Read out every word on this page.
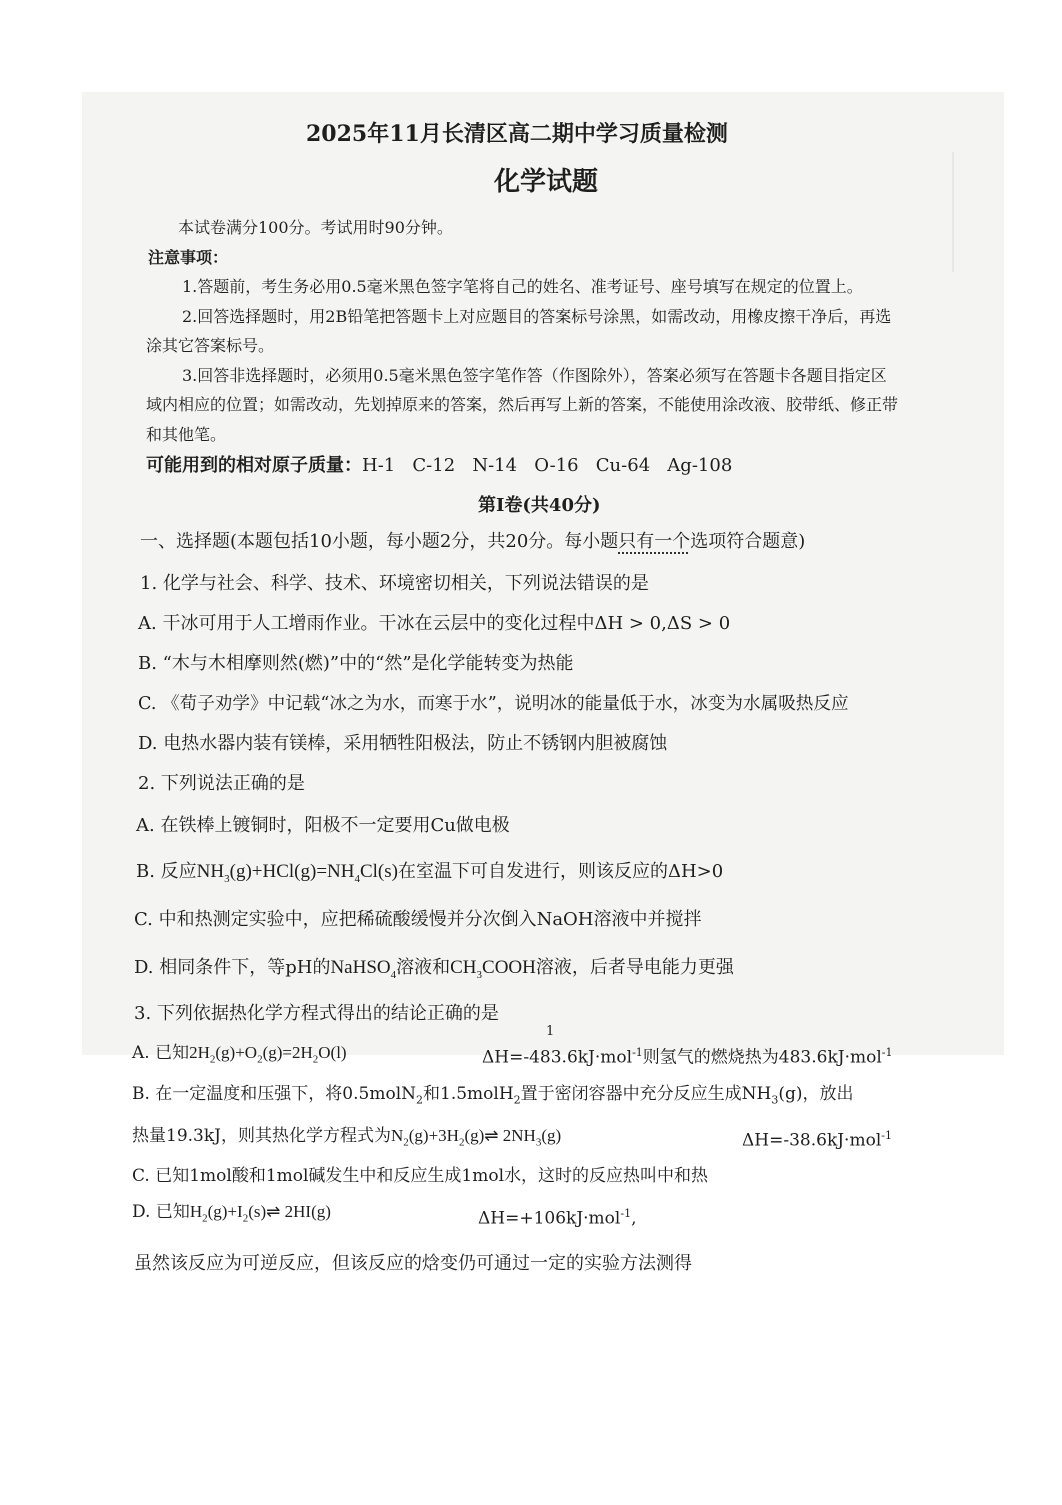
2025年11月长清区高二期中学习质量检测
化学试题
本试卷满分100分。考试用时90分钟。
注意事项：
1.答题前，考生务必用0.5毫米黑色签字笔将自己的姓名、准考证号、座号填写在规定的位置上。
2.回答选择题时，用2B铅笔把答题卡上对应题目的答案标号涂黑，如需改动，用橡皮擦干净后，再选
涂其它答案标号。
3.回答非选择题时，必须用0.5毫米黑色签字笔作答（作图除外），答案必须写在答题卡各题目指定区
域内相应的位置；如需改动，先划掉原来的答案，然后再写上新的答案，不能使用涂改液、胶带纸、修正带
和其他笔。
可能用到的相对原子质量：H-1   C-12   N-14   O-16   Cu-64   Ag-108
第Ⅰ卷(共40分)
一、选择题(本题包括10小题，每小题2分，共20分。每小题只有一个选项符合题意)
1. 化学与社会、科学、技术、环境密切相关，下列说法错误的是
A. 干冰可用于人工增雨作业。干冰在云层中的变化过程中ΔH > 0,ΔS > 0
B. “木与木相摩则然(燃)”中的“然”是化学能转变为热能
C. 《荀子劝学》中记载“冰之为水，而寒于水”，说明冰的能量低于水，冰变为水属吸热反应
D. 电热水器内装有镁棒，采用牺牲阳极法，防止不锈钢内胆被腐蚀
2. 下列说法正确的是
A. 在铁棒上镀铜时，阳极不一定要用Cu做电极
B. 反应$NH_3(g)+HCl(g)=NH_4Cl(s)$在室温下可自发进行，则该反应的ΔH>0
C. 中和热测定实验中，应把稀硫酸缓慢并分次倒入NaOH溶液中并搅拌
D. 相同条件下，等pH的NaHSO$_4$溶液和$CH_3COOH$溶液，后者导电能力更强
3. 下列依据热化学方程式得出的结论正确的是
A. 已知$2H_2(g)+O_2(g)=2H_2O(l)$	ΔH=-483.6kJ·mol$^{-1}$则氢气的燃烧热为483.6kJ·mol$^{-1}$
B. 在一定温度和压强下，将0.5molN$_2$和1.5molH$_2$置于密闭容器中充分反应生成$NH_3(g)$，放出
热量19.3kJ，则其热化学方程式为$N_2(g)+3H_2(g)\rightleftharpoons$ $2NH_3(g)$	ΔH=-38.6kJ·mol$^{-1}$
C. 已知1mol酸和1mol碱发生中和反应生成1mol水，这时的反应热叫中和热
D. 已知$H_2(g)+I_2(s)\rightleftharpoons$ 2HI(g)	ΔH=+106kJ·mol$^{-1}$,
虽然该反应为可逆反应，但该反应的焓变仍可通过一定的实验方法测得
1
